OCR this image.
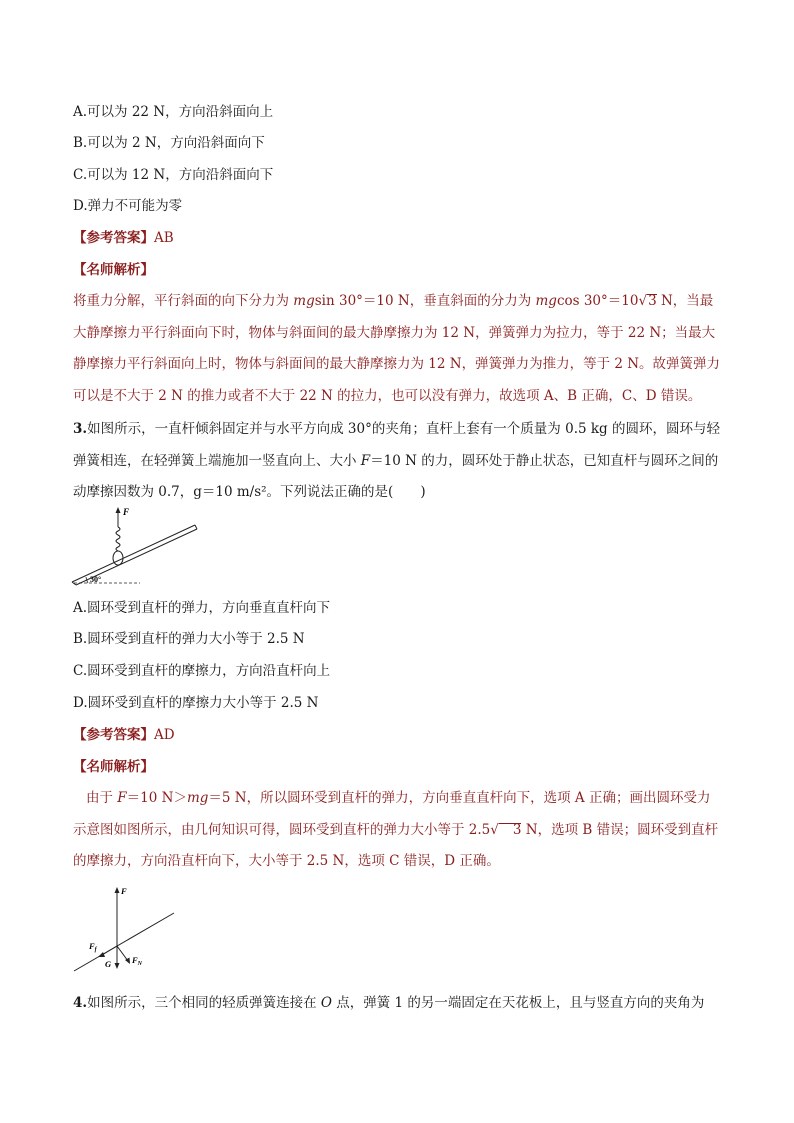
A.可以为 22 N，方向沿斜面向上
B.可以为 2 N，方向沿斜面向下
C.可以为 12 N，方向沿斜面向下
D.弹力不可能为零
【参考答案】AB
【名师解析】
将重力分解，平行斜面的向下分力为 mgsin 30°＝10 N，垂直斜面的分力为 mgcos 30°＝10√3 N，当最大静摩擦力平行斜面向下时，物体与斜面间的最大静摩擦力为 12 N，弹簧弹力为拉力，等于 22 N；当最大静摩擦力平行斜面向上时，物体与斜面间的最大静摩擦力为 12 N，弹簧弹力为推力，等于 2 N。故弹簧弹力可以是不大于 2 N 的推力或者不大于 22 N 的拉力，也可以没有弹力，故选项 A、B 正确，C、D 错误。
3.如图所示，一直杆倾斜固定并与水平方向成 30°的夹角；直杆上套有一个质量为 0.5 kg 的圆环，圆环与轻弹簧相连，在轻弹簧上端施加一竖直向上、大小 F＝10 N 的力，圆环处于静止状态，已知直杆与圆环之间的动摩擦因数为 0.7，g＝10 m/s²。下列说法正确的是(　　)
30°
F
A.圆环受到直杆的弹力，方向垂直直杆向下
B.圆环受到直杆的弹力大小等于 2.5 N
C.圆环受到直杆的摩擦力，方向沿直杆向上
D.圆环受到直杆的摩擦力大小等于 2.5 N
【参考答案】AD
【名师解析】
由于 F＝10 N＞mg＝5 N，所以圆环受到直杆的弹力，方向垂直直杆向下，选项 A 正确；画出圆环受力示意图如图所示，由几何知识可得，圆环受到直杆的弹力大小等于 2.5√ 3 N，选项 B 错误；圆环受到直杆的摩擦力，方向沿直杆向下，大小等于 2.5 N，选项 C 错误，D 正确。
F
G
$F_f$
$F_N$
4.如图所示，三个相同的轻质弹簧连接在 O 点，弹簧 1 的另一端固定在天花板上，且与竖直方向的夹角为
